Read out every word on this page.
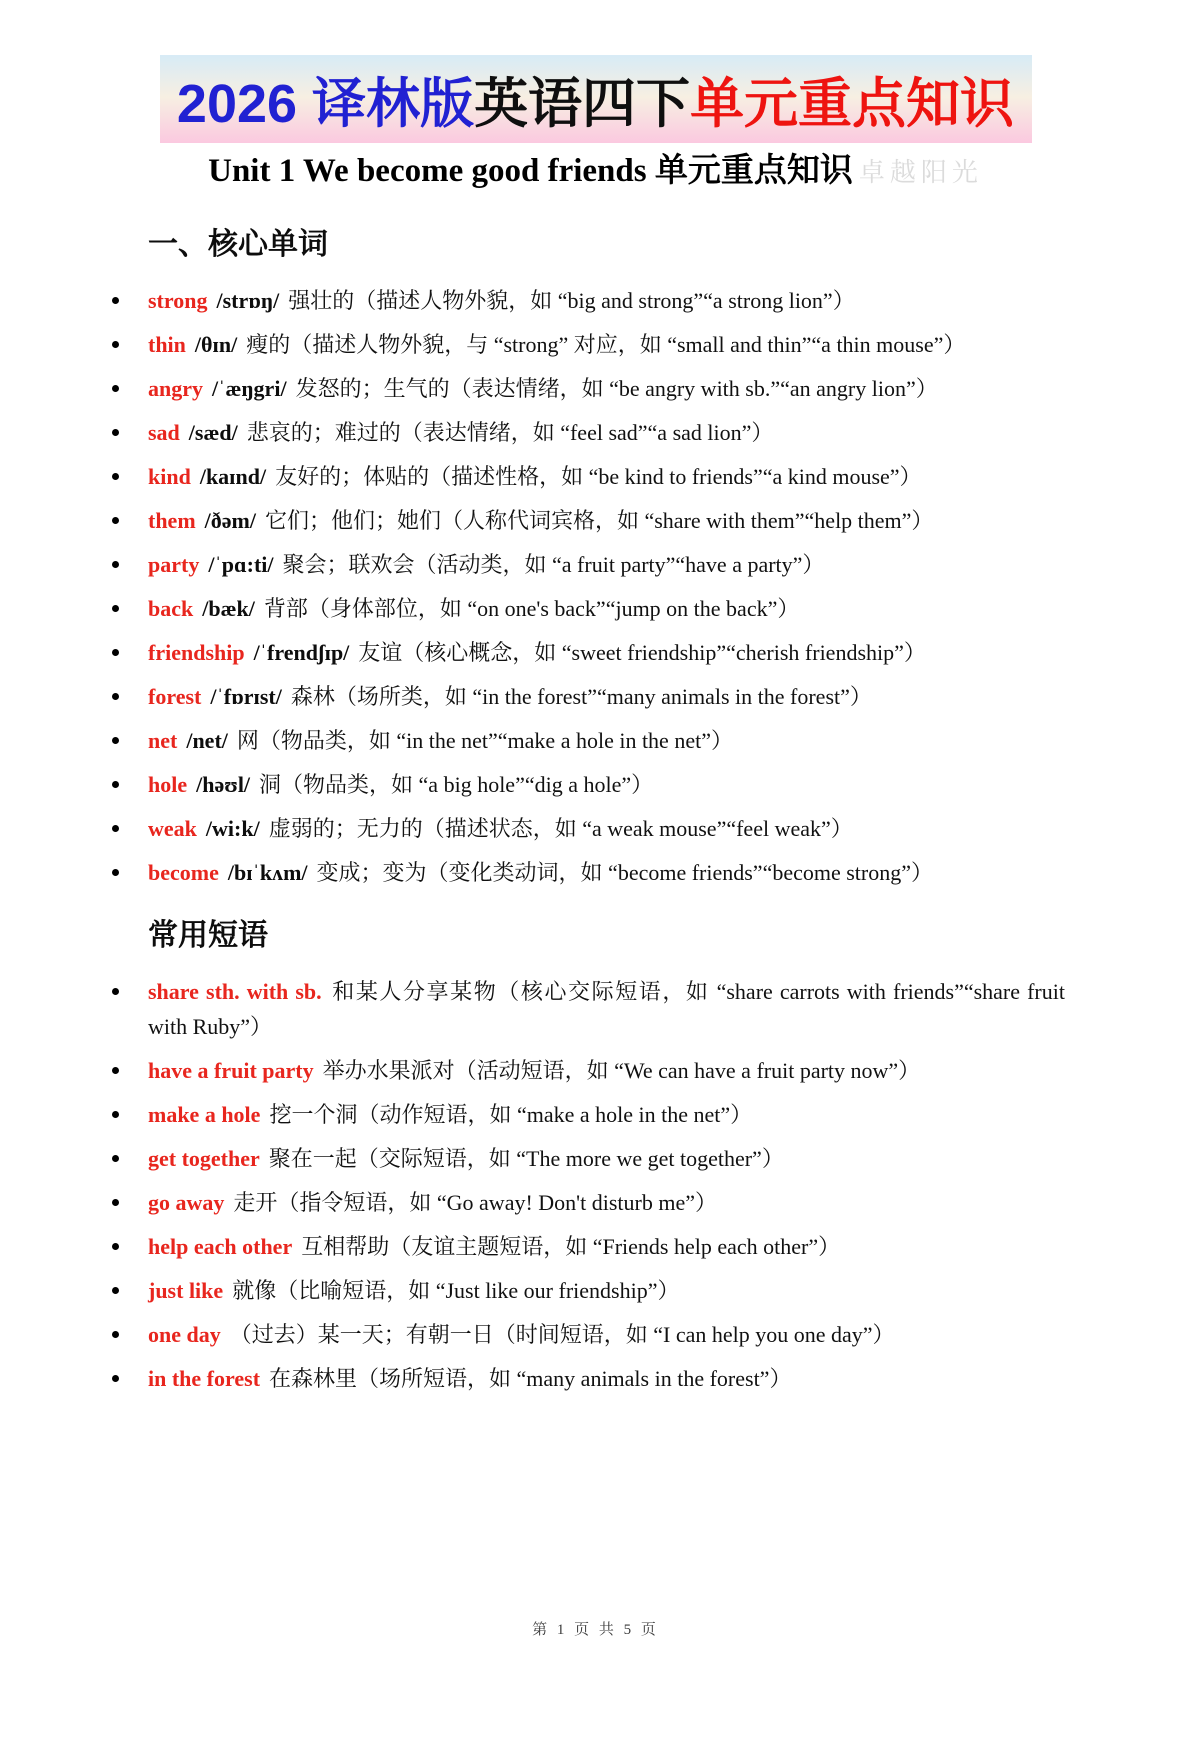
2026 译林版 英语四下 单元重点知识
Unit 1 We become good friends 单元重点知识 卓越阳光
一、核心单词
strong /strɒŋ/ 强壮的（描述人物外貌，如 “big and strong”“a strong lion”）
thin /θɪn/ 瘦的（描述人物外貌，与 “strong” 对应，如 “small and thin”“a thin mouse”）
angry /ˈæŋgri/ 发怒的；生气的（表达情绪，如 “be angry with sb.”“an angry lion”）
sad /sæd/ 悲哀的；难过的（表达情绪，如 “feel sad”“a sad lion”）
kind /kaɪnd/ 友好的；体贴的（描述性格，如 “be kind to friends”“a kind mouse”）
them /ðəm/ 它们；他们；她们（人称代词宾格，如 “share with them”“help them”）
party /ˈpɑ:ti/ 聚会；联欢会（活动类，如 “a fruit party”“have a party”）
back /bæk/ 背部（身体部位，如 “on one's back”“jump on the back”）
friendship /ˈfrendʃɪp/ 友谊（核心概念，如 “sweet friendship”“cherish friendship”）
forest /ˈfɒrɪst/ 森林（场所类，如 “in the forest”“many animals in the forest”）
net /net/ 网（物品类，如 “in the net”“make a hole in the net”）
hole /həʊl/ 洞（物品类，如 “a big hole”“dig a hole”）
weak /wi:k/ 虚弱的；无力的（描述状态，如 “a weak mouse”“feel weak”）
become /bɪˈkʌm/ 变成；变为（变化类动词，如 “become friends”“become strong”）
常用短语
share sth. with sb. 和某人分享某物（核心交际短语，如 “share carrots with friends”“share fruit with Ruby”）
have a fruit party 举办水果派对（活动短语，如 “We can have a fruit party now”）
make a hole 挖一个洞（动作短语，如 “make a hole in the net”）
get together 聚在一起（交际短语，如 “The more we get together”）
go away 走开（指令短语，如 “Go away! Don't disturb me”）
help each other 互相帮助（友谊主题短语，如 “Friends help each other”）
just like 就像（比喻短语，如 “Just like our friendship”）
one day （过去）某一天；有朝一日（时间短语，如 “I can help you one day”）
in the forest 在森林里（场所短语，如 “many animals in the forest”）
第 1 页 共 5 页
